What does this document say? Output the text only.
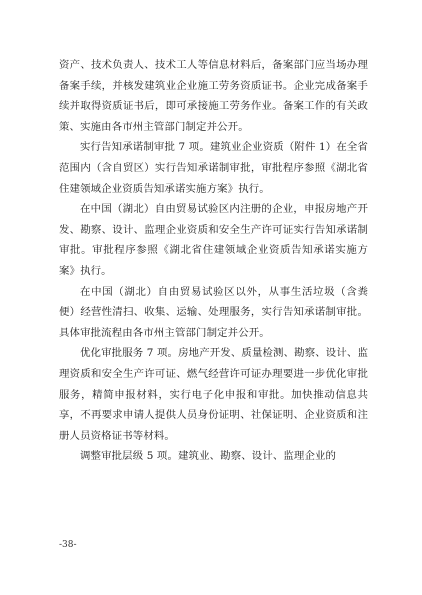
资产、技术负责人、技术工人等信息材料后，备案部门应当场办理备案手续，并核发建筑业企业施工劳务资质证书。企业完成备案手续并取得资质证书后，即可承接施工劳务作业。备案工作的有关政策、实施由各市州主管部门制定并公开。

实行告知承诺制审批 7 项。建筑业企业资质（附件 1）在全省范围内（含自贸区）实行告知承诺制审批，审批程序参照《湖北省住建领域企业资质告知承诺实施方案》执行。

在中国（湖北）自由贸易试验区内注册的企业，申报房地产开发、勘察、设计、监理企业资质和安全生产许可证实行告知承诺制审批。审批程序参照《湖北省住建领域企业资质告知承诺实施方案》执行。

在中国（湖北）自由贸易试验区以外，从事生活垃圾（含粪便）经营性清扫、收集、运输、处理服务，实行告知承诺制审批。具体审批流程由各市州主管部门制定并公开。

优化审批服务 7 项。房地产开发、质量检测、勘察、设计、监理资质和安全生产许可证、燃气经营许可证办理要进一步优化审批服务，精简申报材料，实行电子化申报和审批。加快推动信息共享，不再要求申请人提供人员身份证明、社保证明、企业资质和注册人员资格证书等材料。

调整审批层级 5 项。建筑业、勘察、设计、监理企业的

-38-
